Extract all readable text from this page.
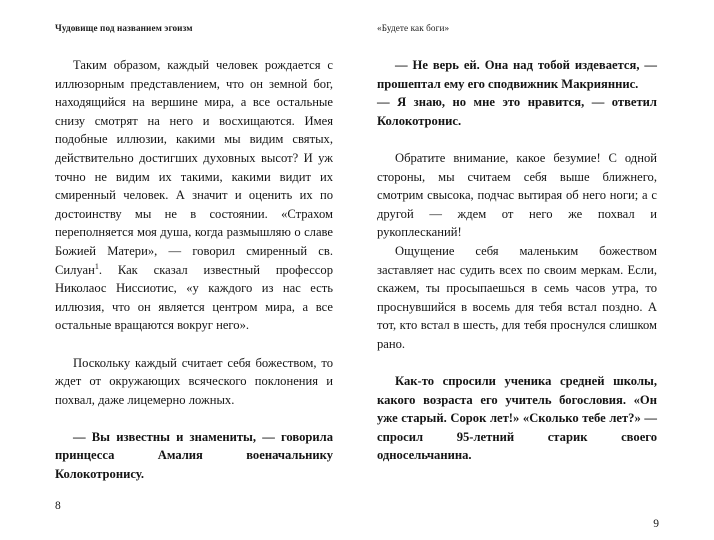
Чудовище под названием эгоизм

Таким образом, каждый человек рождается с иллюзорным представлением, что он земной бог, находящийся на вершине мира, а все остальные снизу смотрят на него и восхищаются. Имея подобные иллюзии, какими мы видим святых, действительно достигших духовных высот? И уж точно не видим их такими, какими видит их смиренный человек. А значит и оценить их по достоинству мы не в состоянии. «Страхом переполняется моя душа, когда размышляю о славе Божией Матери», — говорил смиренный св. Силуан$^1$. Как сказал известный профессор Николаос Ниссиотис, «у каждого из нас есть иллюзия, что он является центром мира, а все остальные вращаются вокруг него».

Поскольку каждый считает себя божеством, то ждет от окружающих всяческого поклонения и похвал, даже лицемерно ложных.

— Вы известны и знамениты, — говорила принцесса Амалия военачальнику Колокотронису.

8
«Будете как боги»

— Не верь ей. Она над тобой издевается, — прошептал ему его сподвижник Макрияннис.

— Я знаю, но мне это нравится, — ответил Колокотронис.

Обратите внимание, какое безумие! С одной стороны, мы считаем себя выше ближнего, смотрим свысока, подчас вытирая об него ноги; а с другой — ждем от него же похвал и рукоплесканий!

Ощущение себя маленьким божеством заставляет нас судить всех по своим меркам. Если, скажем, ты просыпаешься в семь часов утра, то проснувшийся в восемь для тебя встал поздно. А тот, кто встал в шесть, для тебя проснулся слишком рано.

Как-то спросили ученика средней школы, какого возраста его учитель богословия. «Он уже старый. Сорок лет!» «Сколько тебе лет?» — спросил 95-летний старик своего односельчанина.

9
